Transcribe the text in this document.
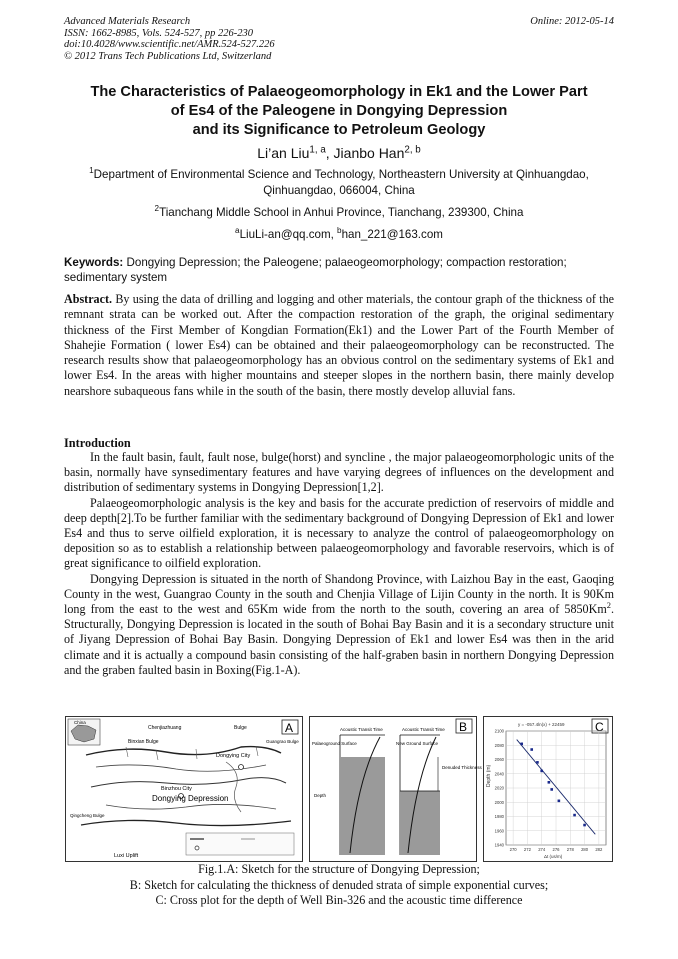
Advanced Materials Research
ISSN: 1662-8985, Vols. 524-527, pp 226-230
doi:10.4028/www.scientific.net/AMR.524-527.226
© 2012 Trans Tech Publications Ltd, Switzerland
Online: 2012-05-14
The Characteristics of Palaeogeomorphology in Ek1 and the Lower Part
of Es4 of the Paleogene in Dongying Depression
and its Significance to Petroleum Geology
Li’an Liu$^{1, a}$, Jianbo Han$^{2, b}$
$^1$Department of Environmental Science and Technology, Northeastern University at Qinhuangdao, Qinhuangdao, 066004, China
$^2$Tianchang Middle School in Anhui Province, Tianchang, 239300, China
$^a$LiuLi-an@qq.com, $^b$han_221@163.com
Keywords: Dongying Depression; the Paleogene; palaeogeomorphology; compaction restoration; sedimentary system
Abstract. By using the data of drilling and logging and other materials, the contour graph of the thickness of the remnant strata can be worked out. After the compaction restoration of the graph, the original sedimentary thickness of the First Member of Kongdian Formation(Ek1) and the Lower Part of the Fourth Member of Shahejie Formation ( lower Es4) can be obtained and their palaeogeomorphology can be reconstructed. The research results show that palaeogeomorphology has an obvious control on the sedimentary systems of Ek1 and lower Es4. In the areas with higher mountains and steeper slopes in the northern basin, there mainly develop nearshore subaqueous fans while in the south of the basin, there mostly develop alluvial fans.
Introduction

In the fault basin, fault, fault nose, bulge(horst) and syncline , the major palaeogeomorphologic units of the basin, normally have synsedimentary features and have varying degrees of influences on the development and distribution of sedimentary systems in Dongying Depression[1,2].

Palaeogeomorphologic analysis is the key and basis for the accurate prediction of reservoirs of middle and deep depth[2].To be further familiar with the sedimentary background of Dongying Depression of Ek1 and lower Es4 and thus to serve oilfield exploration, it is necessary to analyze the control of palaeogeomorphology on deposition so as to establish a relationship between palaeogeomorphology and favorable reservoirs, which is of great significance to oilfield exploration.

Dongying Depression is situated in the north of Shandong Province, with Laizhou Bay in the east, Gaoqing County in the west, Guangrao County in the south and Chenjia Village of Lijin County in the north. It is 90Km long from the east to the west and 65Km wide from the north to the south, covering an area of 5850Km$^2$. Structurally, Dongying Depression is located in the south of Bohai Bay Basin and it is a secondary structure unit of Jiyang Depression of Bohai Bay Basin. Dongying Depression of Ek1 and lower Es4 was then in the arid climate and it is actually a compound basin consisting of the half-graben basin in northern Dongying Depression and the graben faulted basin in Boxing(Fig.1-A).

China	A
Chenjiazhuang	Bulge
Binxian Bulge
Dongying City
Binzhou City
Dongying Depression
Qingcheng Bulge
Guangrao Bulge
Luxi Uplift
B
Acoustic Transit Time
Palaeoground Surface
Depth
Acoustic Transit Time
New Ground Surface
Denuded Thickness
C
y = -057.4ln(x) + 22459
Depth (m)
Δt (us/m)
2100
2080
2060
2040
2020
2000
1980
1960
1940
270 272 274 276 278 280 282
Fig.1.A: Sketch for the structure of Dongying Depression;
B: Sketch for calculating the thickness of denuded strata of simple exponential curves;
C: Cross plot for the depth of Well Bin-326 and the acoustic time difference
